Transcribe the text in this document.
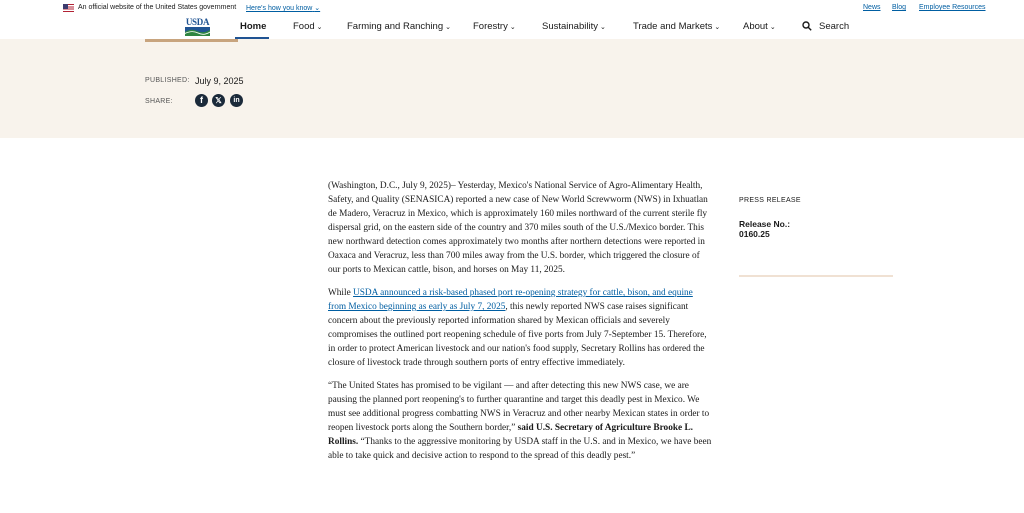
An official website of the United States government Here's how you know ⌄	News Blog Employee Resources
USDA	Home	Food ⌄	Farming and Ranching ⌄ Forestry ⌄	Sustainability ⌄	Trade and Markets ⌄ About ⌄	Search
PUBLISHED: July 9, 2025
SHARE:	f	𝕏	in

(Washington, D.C., July 9, 2025)– Yesterday, Mexico's National Service of Agro-Alimentary Health, Safety, and Quality (SENASICA) reported a new case of New World Screwworm (NWS) in Ixhuatlan de Madero, Veracruz in Mexico, which is approximately 160 miles northward of the current sterile fly dispersal grid, on the eastern side of the country and 370 miles south of the U.S./Mexico border. This new northward detection comes approximately two months after northern detections were reported in Oaxaca and Veracruz, less than 700 miles away from the U.S. border, which triggered the closure of our ports to Mexican cattle, bison, and horses on May 11, 2025.

While USDA announced a risk-based phased port re-opening strategy for cattle, bison, and equine from Mexico beginning as early as July 7, 2025, this newly reported NWS case raises significant concern about the previously reported information shared by Mexican officials and severely compromises the outlined port reopening schedule of five ports from July 7-September 15. Therefore, in order to protect American livestock and our nation's food supply, Secretary Rollins has ordered the closure of livestock trade through southern ports of entry effective immediately.

“The United States has promised to be vigilant — and after detecting this new NWS case, we are pausing the planned port reopening's to further quarantine and target this deadly pest in Mexico. We must see additional progress combatting NWS in Veracruz and other nearby Mexican states in order to reopen livestock ports along the Southern border,” said U.S. Secretary of Agriculture Brooke L. Rollins. “Thanks to the aggressive monitoring by USDA staff in the U.S. and in Mexico, we have been able to take quick and decisive action to respond to the spread of this deadly pest.”

PRESS RELEASE
Release No.:
0160.25
